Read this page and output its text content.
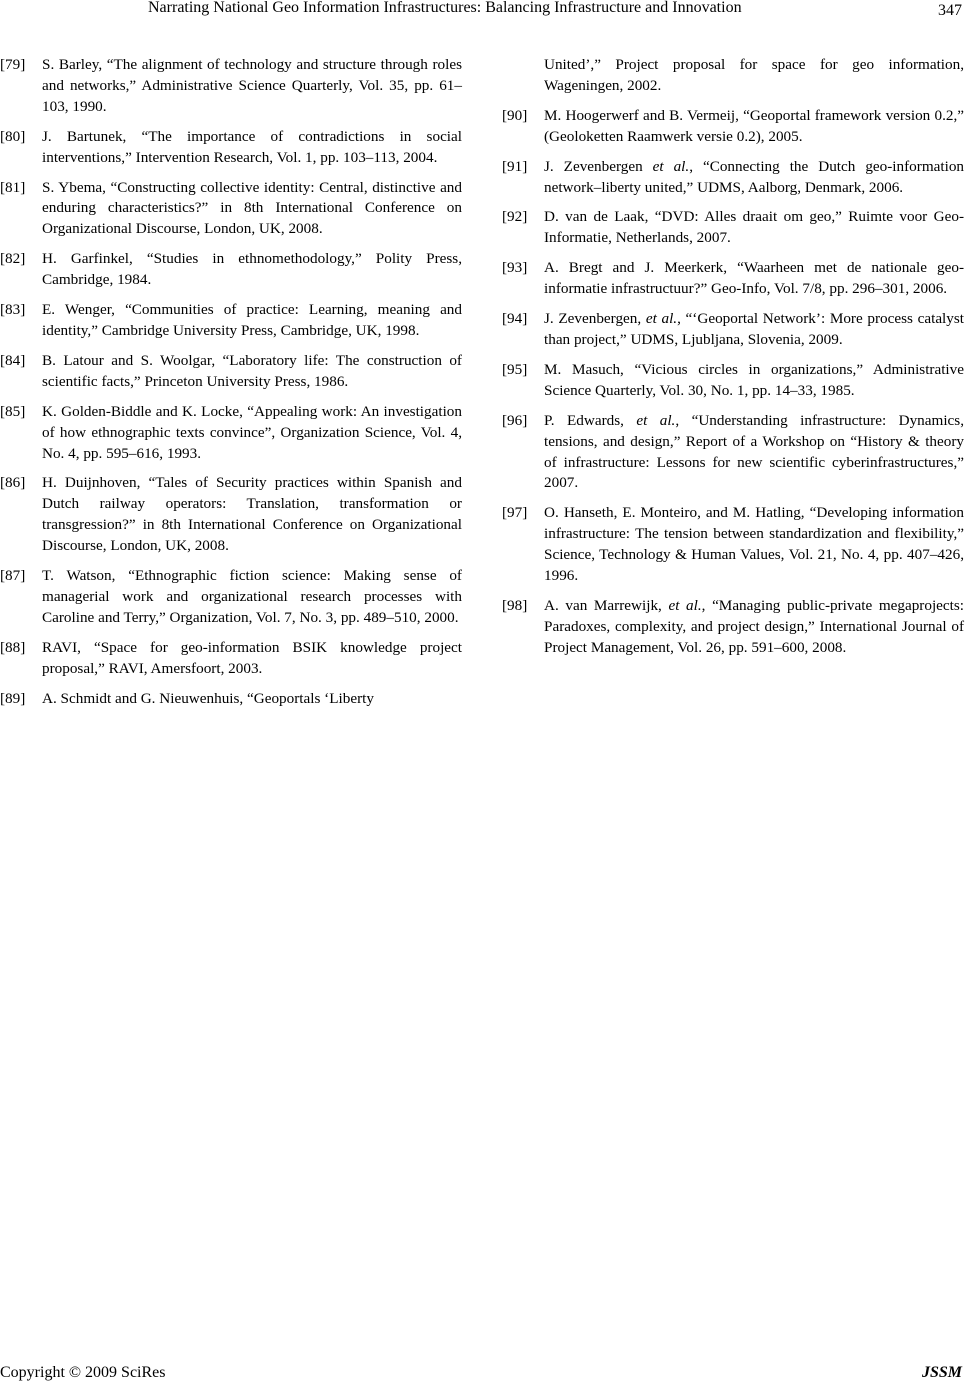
Narrating National Geo Information Infrastructures: Balancing Infrastructure and Innovation	347
[79] S. Barley, “The alignment of technology and structure through roles and networks,” Administrative Science Quarterly, Vol. 35, pp. 61–103, 1990.
[80] J. Bartunek, “The importance of contradictions in social interventions,” Intervention Research, Vol. 1, pp. 103–113, 2004.
[81] S. Ybema, “Constructing collective identity: Central, distinctive and enduring characteristics?” in 8th International Conference on Organizational Discourse, London, UK, 2008.
[82] H. Garfinkel, “Studies in ethnomethodology,” Polity Press, Cambridge, 1984.
[83] E. Wenger, “Communities of practice: Learning, meaning and identity,” Cambridge University Press, Cambridge, UK, 1998.
[84] B. Latour and S. Woolgar, “Laboratory life: The construction of scientific facts,” Princeton University Press, 1986.
[85] K. Golden-Biddle and K. Locke, “Appealing work: An investigation of how ethnographic texts convince”, Organization Science, Vol. 4, No. 4, pp. 595–616, 1993.
[86] H. Duijnhoven, “Tales of Security practices within Spanish and Dutch railway operators: Translation, transformation or transgression?” in 8th International Conference on Organizational Discourse, London, UK, 2008.
[87] T. Watson, “Ethnographic fiction science: Making sense of managerial work and organizational research processes with Caroline and Terry,” Organization, Vol. 7, No. 3, pp. 489–510, 2000.
[88] RAVI, “Space for geo-information BSIK knowledge project proposal,” RAVI, Amersfoort, 2003.
[89] A. Schmidt and G. Nieuwenhuis, “Geoportals ‘Liberty
United’,” Project proposal for space for geo information, Wageningen, 2002.
[90] M. Hoogerwerf and B. Vermeij, “Geoportal framework version 0.2,” (Geoloketten Raamwerk versie 0.2), 2005.
[91] J. Zevenbergen et al., “Connecting the Dutch geo-information network–liberty united,” UDMS, Aalborg, Denmark, 2006.
[92] D. van de Laak, “DVD: Alles draait om geo,” Ruimte voor Geo-Informatie, Netherlands, 2007.
[93] A. Bregt and J. Meerkerk, “Waarheen met de nationale geo-informatie infrastructuur?” Geo-Info, Vol. 7/8, pp. 296–301, 2006.
[94] J. Zevenbergen, et al., “‘Geoportal Network’: More process catalyst than project,” UDMS, Ljubljana, Slovenia, 2009.
[95] M. Masuch, “Vicious circles in organizations,” Administrative Science Quarterly, Vol. 30, No. 1, pp. 14–33, 1985.
[96] P. Edwards, et al., “Understanding infrastructure: Dynamics, tensions, and design,” Report of a Workshop on “History & theory of infrastructure: Lessons for new scientific cyberinfrastructures,” 2007.
[97] O. Hanseth, E. Monteiro, and M. Hatling, “Developing information infrastructure: The tension between standardization and flexibility,” Science, Technology & Human Values, Vol. 21, No. 4, pp. 407–426, 1996.
[98] A. van Marrewijk, et al., “Managing public-private megaprojects: Paradoxes, complexity, and project design,” International Journal of Project Management, Vol. 26, pp. 591–600, 2008.
Copyright © 2009 SciRes	JSSM
